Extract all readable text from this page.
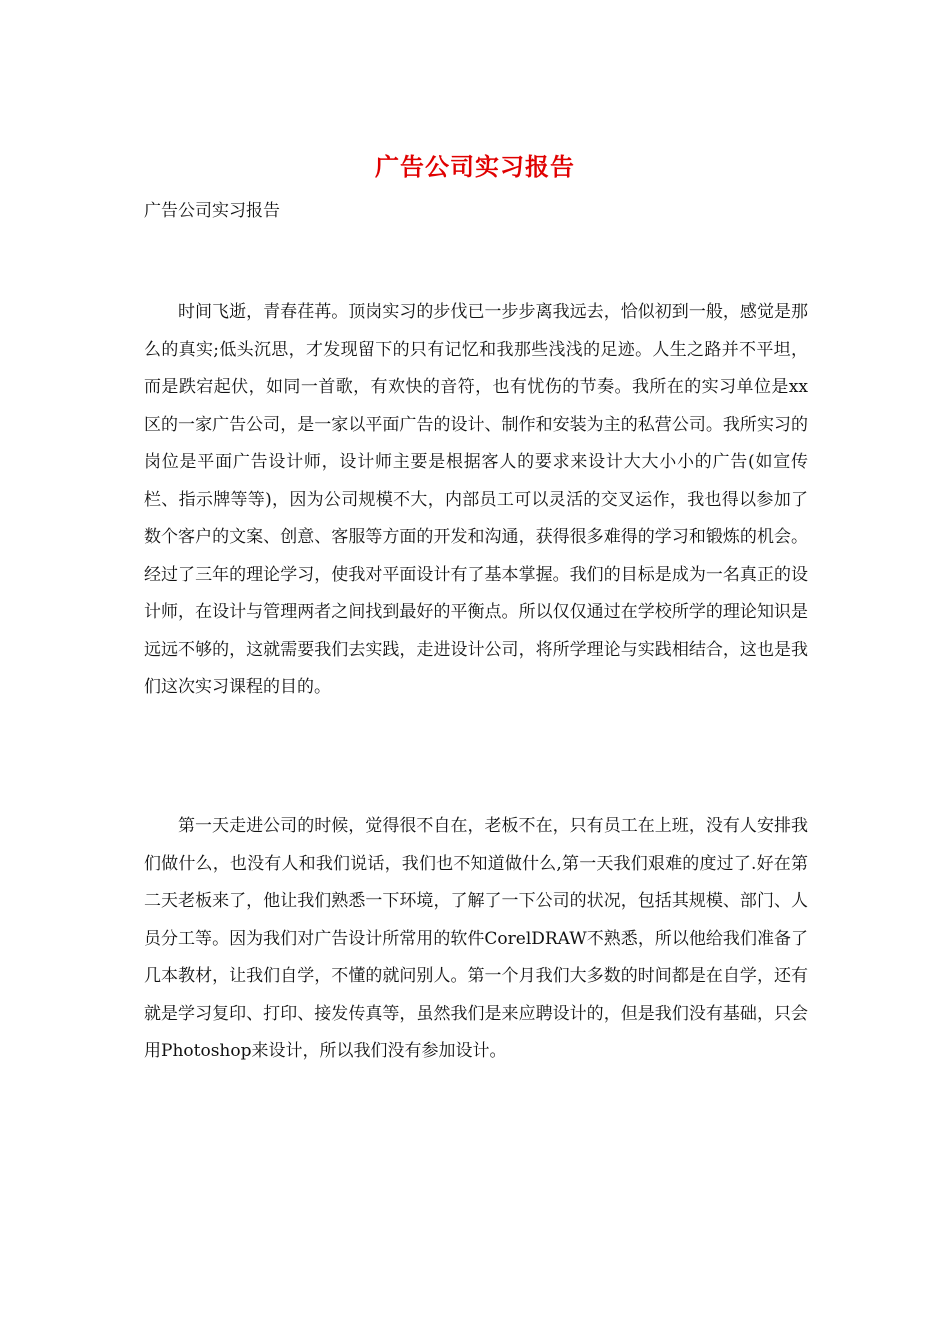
广告公司实习报告
广告公司实习报告

时间飞逝，青春荏苒。顶岗实习的步伐已一步步离我远去，恰似初到一般，感觉是那么的真实;低头沉思，才发现留下的只有记忆和我那些浅浅的足迹。人生之路并不平坦，而是跌宕起伏，如同一首歌，有欢快的音符，也有忧伤的节奏。我所在的实习单位是xx区的一家广告公司，是一家以平面广告的设计、制作和安装为主的私营公司。我所实习的岗位是平面广告设计师，设计师主要是根据客人的要求来设计大大小小的广告(如宣传栏、指示牌等等)，因为公司规模不大，内部员工可以灵活的交叉运作，我也得以参加了数个客户的文案、创意、客服等方面的开发和沟通，获得很多难得的学习和锻炼的机会。经过了三年的理论学习，使我对平面设计有了基本掌握。我们的目标是成为一名真正的设计师，在设计与管理两者之间找到最好的平衡点。所以仅仅通过在学校所学的理论知识是远远不够的，这就需要我们去实践，走进设计公司，将所学理论与实践相结合，这也是我们这次实习课程的目的。

第一天走进公司的时候，觉得很不自在，老板不在，只有员工在上班，没有人安排我们做什么，也没有人和我们说话，我们也不知道做什么,第一天我们艰难的度过了.好在第二天老板来了，他让我们熟悉一下环境，了解了一下公司的状况，包括其规模、部门、人员分工等。因为我们对广告设计所常用的软件CorelDRAW不熟悉，所以他给我们准备了几本教材，让我们自学，不懂的就问别人。第一个月我们大多数的时间都是在自学，还有就是学习复印、打印、接发传真等，虽然我们是来应聘设计的，但是我们没有基础，只会用Photoshop来设计，所以我们没有参加设计。
